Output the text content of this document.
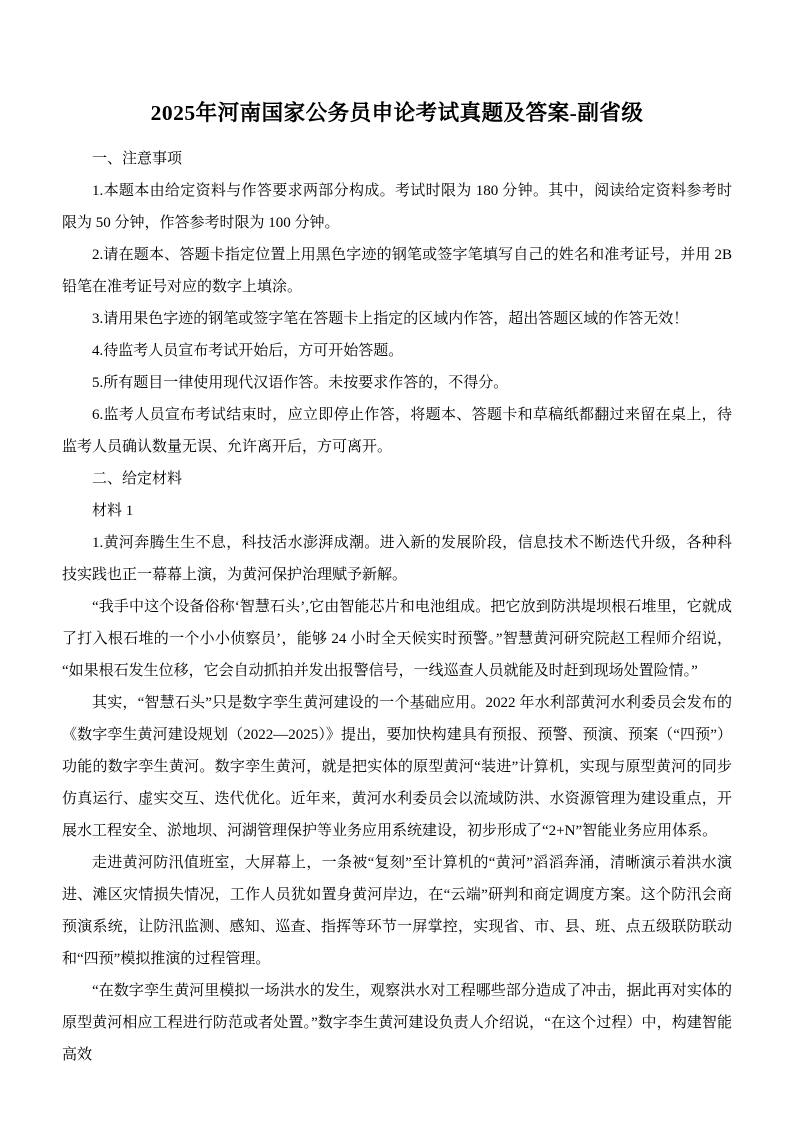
2025年河南国家公务员申论考试真题及答案-副省级

一、注意事项

1.本题本由给定资料与作答要求两部分构成。考试时限为 180 分钟。其中，阅读给定资料参考时限为 50 分钟，作答参考时限为 100 分钟。

2.请在题本、答题卡指定位置上用黑色字迹的钢笔或签字笔填写自己的姓名和准考证号，并用 2B 铅笔在准考证号对应的数字上填涂。

3.请用果色字迹的钢笔或签字笔在答题卡上指定的区域内作答，超出答题区域的作答无效！

4.待监考人员宣布考试开始后，方可开始答题。

5.所有题目一律使用现代汉语作答。未按要求作答的，不得分。

6.监考人员宣布考试结束时，应立即停止作答，将题本、答题卡和草稿纸都翻过来留在桌上，待监考人员确认数量无误、允许离开后，方可离开。

二、给定材料

材料 1

1.黄河奔腾生生不息，科技活水澎湃成潮。进入新的发展阶段，信息技术不断迭代升级，各种科技实践也正一幕幕上演，为黄河保护治理赋予新解。

“我手中这个设备俗称‘智慧石头’,它由智能芯片和电池组成。把它放到防洪堤坝根石堆里，它就成了打入根石堆的一个小小侦察员’，能够 24 小时全天候实时预警。”智慧黄河研究院赵工程师介绍说，“如果根石发生位移，它会自动抓拍并发出报警信号，一线巡查人员就能及时赶到现场处置险情。”

其实，“智慧石头”只是数字孪生黄河建设的一个基础应用。2022 年水利部黄河水利委员会发布的《数字孪生黄河建设规划（2022—2025）》提出，要加快构建具有预报、预警、预演、预案（“四预”）功能的数字孪生黄河。数字孪生黄河，就是把实体的原型黄河“装进”计算机，实现与原型黄河的同步仿真运行、虚实交互、迭代优化。近年来，黄河水利委员会以流域防洪、水资源管理为建设重点，开展水工程安全、淤地坝、河湖管理保护等业务应用系统建设，初步形成了“2+N”智能业务应用体系。

走进黄河防汛值班室，大屏幕上，一条被“复刻”至计算机的“黄河”滔滔奔涌，清晰演示着洪水演进、滩区灾情损失情况，工作人员犹如置身黄河岸边，在“云端”研判和商定调度方案。这个防汛会商预演系统，让防汛监测、感知、巡查、指挥等环节一屏掌控，实现省、市、县、班、点五级联防联动和“四预”模拟推演的过程管理。

“在数字孪生黄河里模拟一场洪水的发生，观察洪水对工程哪些部分造成了冲击，据此再对实体的原型黄河相应工程进行防范或者处置。”数字李生黄河建设负责人介绍说，“在这个过程）中，构建智能高效
